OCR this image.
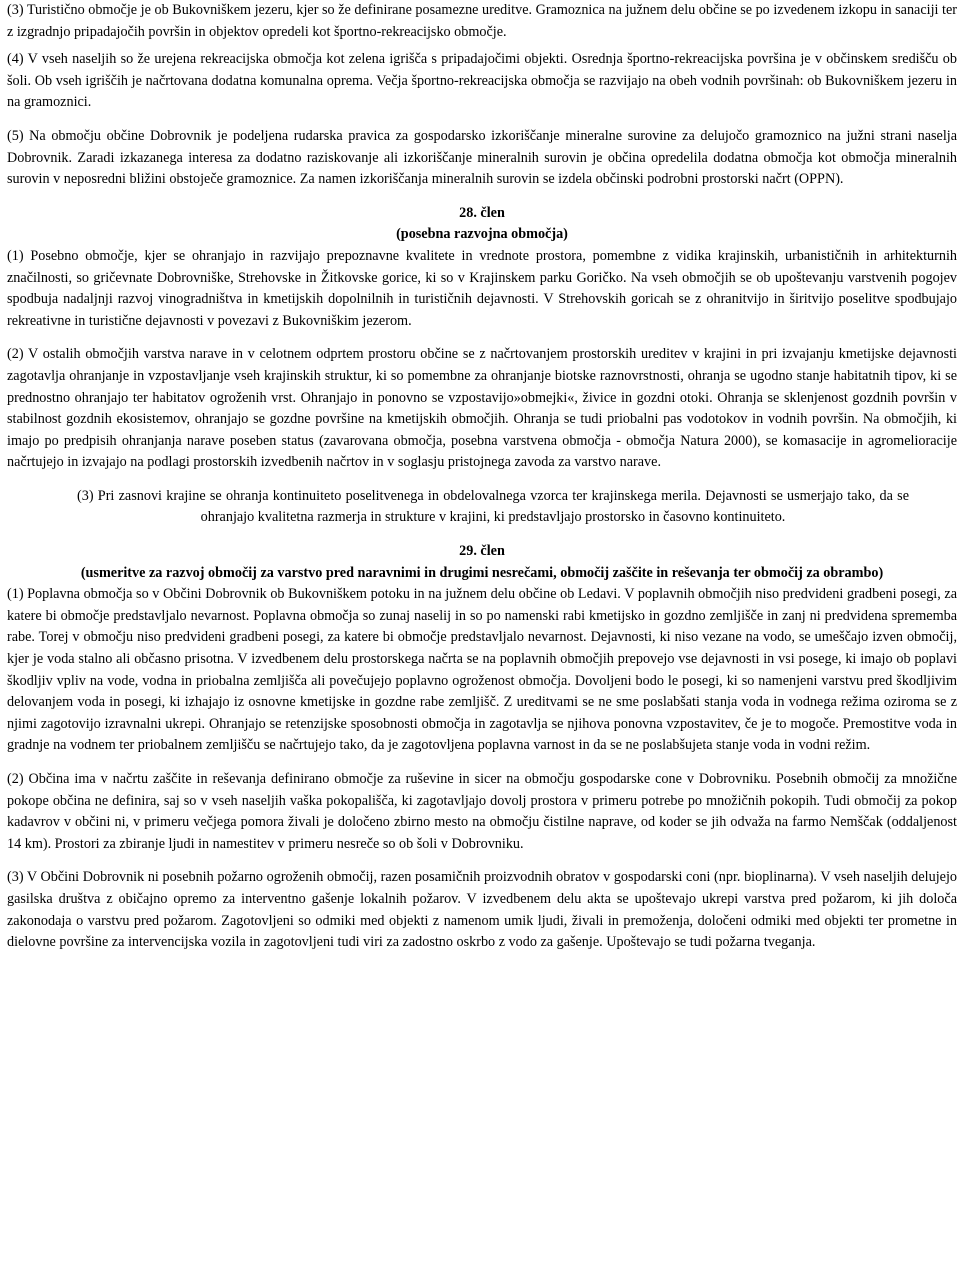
(3) Turistično območje je ob Bukovniškem jezeru, kjer so že definirane posamezne ureditve. Gramoznica na južnem delu občine se po izvedenem izkopu in sanaciji ter z izgradnjo pripadajočih površin in objektov opredeli kot športno-rekreacijsko območje.

(4) V vseh naseljih so že urejena rekreacijska območja kot zelena igrišča s pripadajočimi objekti. Osrednja športno-rekreacijska površina je v občinskem središču ob šoli. Ob vseh igriščih je načrtovana dodatna komunalna oprema. Večja športno-rekreacijska območja se razvijajo na obeh vodnih površinah: ob Bukovniškem jezeru in na gramoznici.

(5) Na območju občine Dobrovnik je podeljena rudarska pravica za gospodarsko izkoriščanje mineralne surovine za delujočo gramoznico na južni strani naselja Dobrovnik. Zaradi izkazanega interesa za dodatno raziskovanje ali izkoriščanje mineralnih surovin je občina opredelila dodatna območja kot območja mineralnih surovin v neposredni bližini obstoječe gramoznice. Za namen izkoriščanja mineralnih surovin se izdela občinski podrobni prostorski načrt (OPPN).

28. člen

(posebna razvojna območja)

(1) Posebno območje, kjer se ohranjajo in razvijajo prepoznavne kvalitete in vrednote prostora, pomembne z vidika krajinskih, urbanističnih in arhitekturnih značilnosti, so gričevnate Dobrovniške, Strehovske in Žitkovske gorice, ki so v Krajinskem parku Goričko. Na vseh območjih se ob upoštevanju varstvenih pogojev spodbuja nadaljnji razvoj vinogradništva in kmetijskih dopolnilnih in turističnih dejavnosti. V Strehovskih goricah se z ohranitvijo in širitvijo poselitve spodbujajo rekreativne in turistične dejavnosti v povezavi z Bukovniškim jezerom.

(2) V ostalih območjih varstva narave in v celotnem odprtem prostoru občine se z načrtovanjem prostorskih ureditev v krajini in pri izvajanju kmetijske dejavnosti zagotavlja ohranjanje in vzpostavljanje vseh krajinskih struktur, ki so pomembne za ohranjanje biotske raznovrstnosti, ohranja se ugodno stanje habitatnih tipov, ki se prednostno ohranjajo ter habitatov ogroženih vrst. Ohranjajo in ponovno se vzpostavijo»obmejki«, živice in gozdni otoki. Ohranja se sklenjenost gozdnih površin v stabilnost gozdnih ekosistemov, ohranjajo se gozdne površine na kmetijskih območjih. Ohranja se tudi priobalni pas vodotokov in vodnih površin. Na območjih, ki imajo po predpisih ohranjanja narave poseben status (zavarovana območja, posebna varstvena območja - območja Natura 2000), se komasacije in agromelioracije načrtujejo in izvajajo na podlagi prostorskih izvedbenih načrtov in v soglasju pristojnega zavoda za varstvo narave.

(3) Pri zasnovi krajine se ohranja kontinuiteto poselitvenega in obdelovalnega vzorca ter krajinskega merila. Dejavnosti se usmerjajo tako, da se ohranjajo kvalitetna razmerja in strukture v krajini, ki predstavljajo prostorsko in časovno kontinuiteto.

29. člen

(usmeritve za razvoj območij za varstvo pred naravnimi in drugimi nesrečami, območij zaščite in reševanja ter območij za obrambo)

(1) Poplavna območja so v Občini Dobrovnik ob Bukovniškem potoku in na južnem delu občine ob Ledavi. V poplavnih območjih niso predvideni gradbeni posegi, za katere bi območje predstavljalo nevarnost. Poplavna območja so zunaj naselij in so po namenski rabi kmetijsko in gozdno zemljišče in zanj ni predvidena sprememba rabe. Torej v območju niso predvideni gradbeni posegi, za katere bi območje predstavljalo nevarnost. Dejavnosti, ki niso vezane na vodo, se umeščajo izven območij, kjer je voda stalno ali občasno prisotna. V izvedbenem delu prostorskega načrta se na poplavnih območjih prepovejo vse dejavnosti in vsi posege, ki imajo ob poplavi škodljiv vpliv na vode, vodna in priobalna zemljišča ali povečujejo poplavno ogroženost območja. Dovoljeni bodo le posegi, ki so namenjeni varstvu pred škodljivim delovanjem voda in posegi, ki izhajajo iz osnovne kmetijske in gozdne rabe zemljišč. Z ureditvami se ne sme poslabšati stanja voda in vodnega režima oziroma se z njimi zagotovijo izravnalni ukrepi. Ohranjajo se retenzijske sposobnosti območja in zagotavlja se njihova ponovna vzpostavitev, če je to mogoče. Premostitve voda in gradnje na vodnem ter priobalnem zemljišču se načrtujejo tako, da je zagotovljena poplavna varnost in da se ne poslabšujeta stanje voda in vodni režim.

(2) Občina ima v načrtu zaščite in reševanja definirano območje za ruševine in sicer na območju gospodarske cone v Dobrovniku. Posebnih območij za množične pokope občina ne definira, saj so v vseh naseljih vaška pokopališča, ki zagotavljajo dovolj prostora v primeru potrebe po množičnih pokopih. Tudi območij za pokop kadavrov v občini ni, v primeru večjega pomora živali je določeno zbirno mesto na območju čistilne naprave, od koder se jih odvaža na farmo Nemščak (oddaljenost 14 km). Prostori za zbiranje ljudi in namestitev v primeru nesreče so ob šoli v Dobrovniku.

(3) V Občini Dobrovnik ni posebnih požarno ogroženih območij, razen posamičnih proizvodnih obratov v gospodarski coni (npr. bioplinarna). V vseh naseljih delujejo gasilska društva z običajno opremo za interventno gašenje lokalnih požarov. V izvedbenem delu akta se upoštevajo ukrepi varstva pred požarom, ki jih določa zakonodaja o varstvu pred požarom. Zagotovljeni so odmiki med objekti z namenom umik ljudi, živali in premoženja, določeni odmiki med objekti ter prometne in dielovne površine za intervencijska vozila in zagotovljeni tudi viri za zadostno oskrbo z vodo za gašenje. Upoštevajo se tudi požarna tveganja.
